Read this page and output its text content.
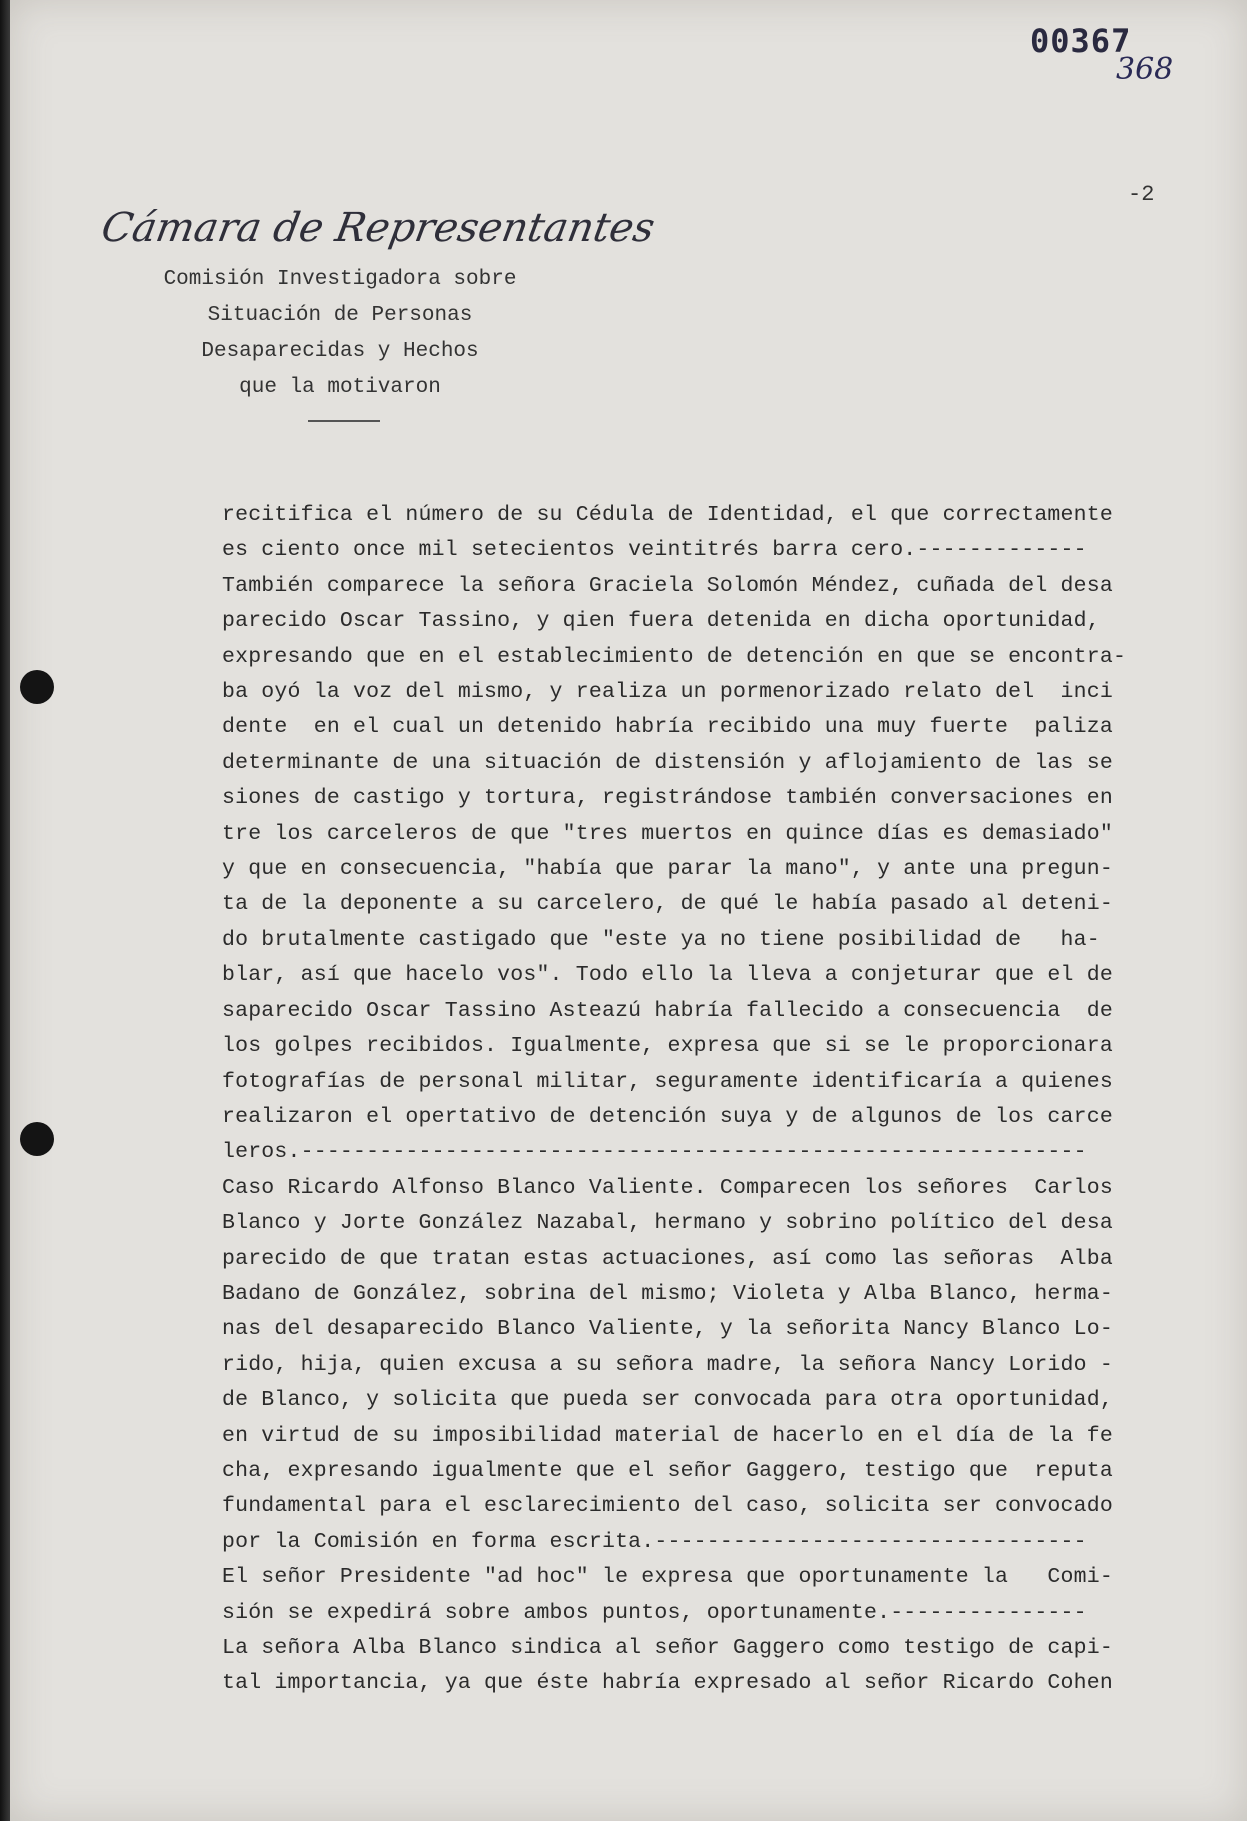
00367
368
-2
Cámara de Representantes
Comisión Investigadora sobre
Situación de Personas
Desaparecidas y Hechos
que la motivaron
recitifica el número de su Cédula de Identidad, el que correctamente
es ciento once mil setecientos veintitrés barra cero.-------------
También comparece la señora Graciela Solomón Méndez, cuñada del desa
parecido Oscar Tassino, y qien fuera detenida en dicha oportunidad,
expresando que en el establecimiento de detención en que se encontra-
ba oyó la voz del mismo, y realiza un pormenorizado relato del  inci
dente  en el cual un detenido habría recibido una muy fuerte  paliza
determinante de una situación de distensión y aflojamiento de las se
siones de castigo y tortura, registrándose también conversaciones en
tre los carceleros de que "tres muertos en quince días es demasiado"
y que en consecuencia, "había que parar la mano", y ante una pregun-
ta de la deponente a su carcelero, de qué le había pasado al deteni-
do brutalmente castigado que "este ya no tiene posibilidad de   ha-
blar, así que hacelo vos". Todo ello la lleva a conjeturar que el de
saparecido Oscar Tassino Asteazú habría fallecido a consecuencia  de
los golpes recibidos. Igualmente, expresa que si se le proporcionara
fotografías de personal militar, seguramente identificaría a quienes
realizaron el opertativo de detención suya y de algunos de los carce
leros.------------------------------------------------------------
Caso Ricardo Alfonso Blanco Valiente. Comparecen los señores  Carlos
Blanco y Jorte González Nazabal, hermano y sobrino político del desa
parecido de que tratan estas actuaciones, así como las señoras  Alba
Badano de González, sobrina del mismo; Violeta y Alba Blanco, herma-
nas del desaparecido Blanco Valiente, y la señorita Nancy Blanco Lo-
rido, hija, quien excusa a su señora madre, la señora Nancy Lorido -
de Blanco, y solicita que pueda ser convocada para otra oportunidad,
en virtud de su imposibilidad material de hacerlo en el día de la fe
cha, expresando igualmente que el señor Gaggero, testigo que  reputa
fundamental para el esclarecimiento del caso, solicita ser convocado
por la Comisión en forma escrita.---------------------------------
El señor Presidente "ad hoc" le expresa que oportunamente la   Comi-
sión se expedirá sobre ambos puntos, oportunamente.---------------
La señora Alba Blanco sindica al señor Gaggero como testigo de capi-
tal importancia, ya que éste habría expresado al señor Ricardo Cohen
